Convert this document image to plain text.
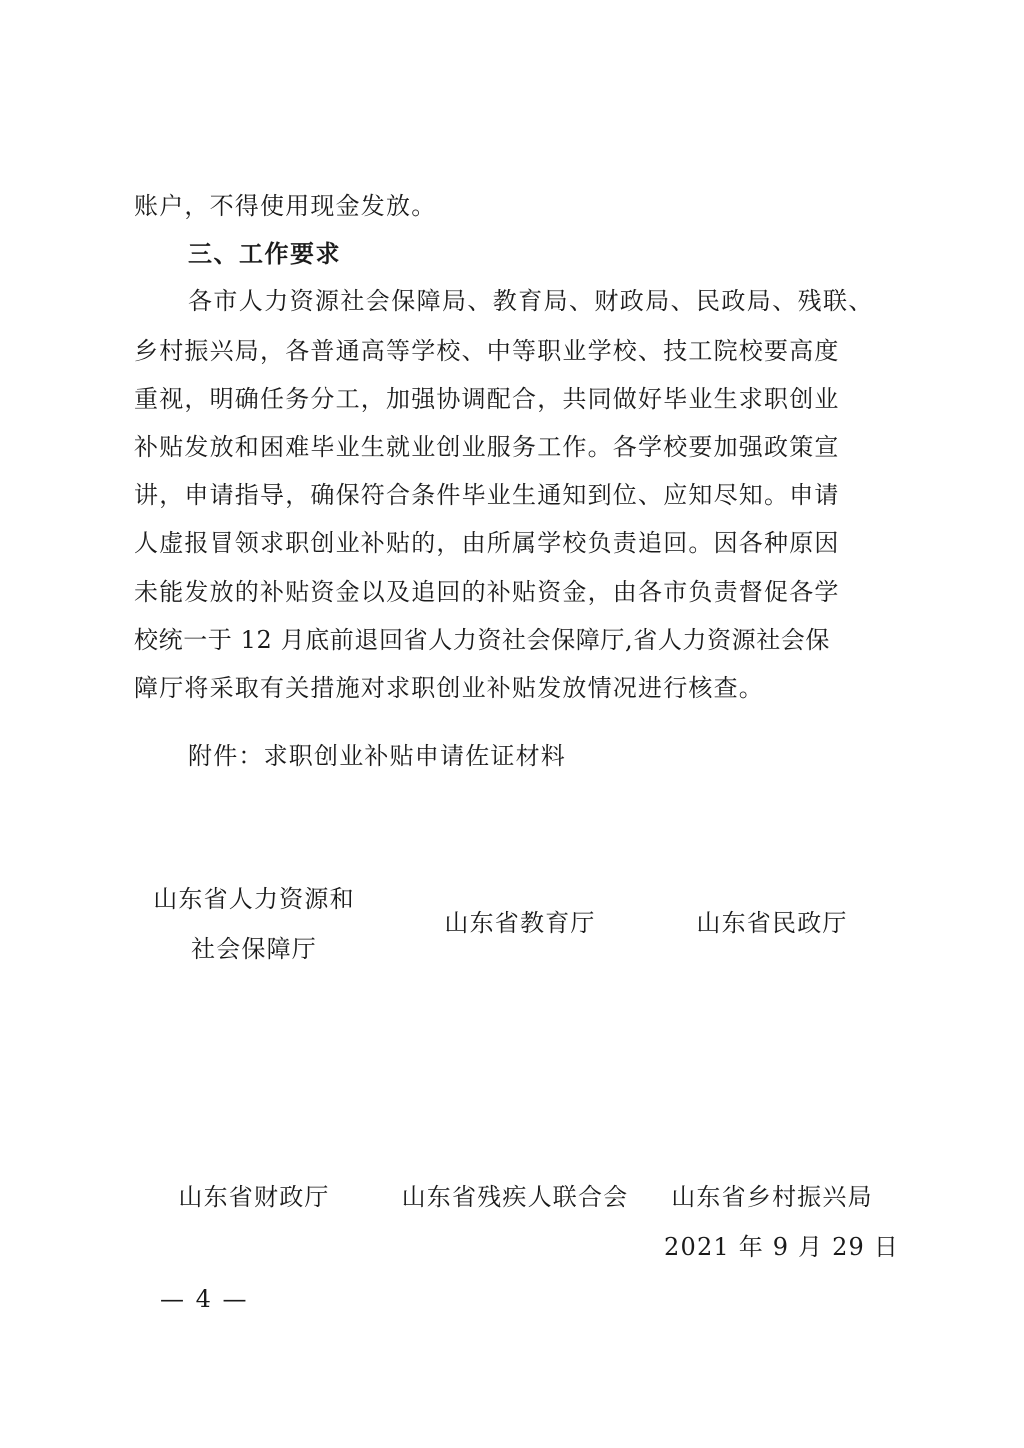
账户，不得使用现金发放。
三、工作要求
各市人力资源社会保障局、教育局、财政局、民政局、残联、
乡村振兴局，各普通高等学校、中等职业学校、技工院校要高度
重视，明确任务分工，加强协调配合，共同做好毕业生求职创业
补贴发放和困难毕业生就业创业服务工作。各学校要加强政策宣
讲，申请指导，确保符合条件毕业生通知到位、应知尽知。申请
人虚报冒领求职创业补贴的，由所属学校负责追回。因各种原因
未能发放的补贴资金以及追回的补贴资金，由各市负责督促各学
校统一于 12 月底前退回省人力资社会保障厅,省人力资源社会保
障厅将采取有关措施对求职创业补贴发放情况进行核查。
附件：求职创业补贴申请佐证材料
山东省人力资源和
社会保障厅
山东省教育厅	山东省民政厅
山东省财政厅	山东省残疾人联合会	山东省乡村振兴局
2021 年 9 月 29 日
— 4 —
